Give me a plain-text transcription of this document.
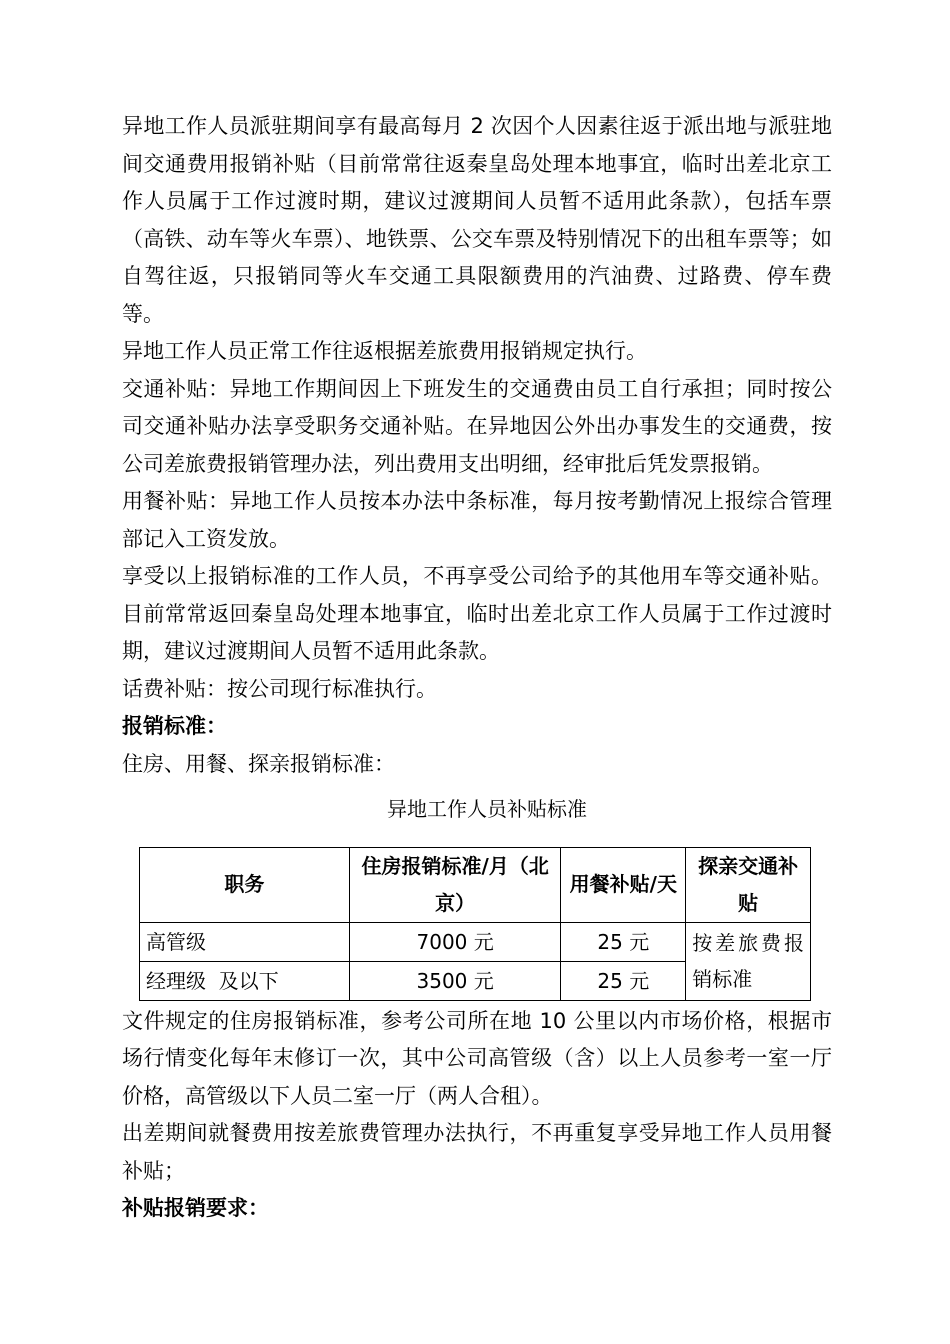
异地工作人员派驻期间享有最高每月 2 次因个人因素往返于派出地与派驻地间交通费用报销补贴（目前常常往返秦皇岛处理本地事宜，临时出差北京工作人员属于工作过渡时期，建议过渡期间人员暂不适用此条款），包括车票（高铁、动车等火车票）、地铁票、公交车票及特别情况下的出租车票等；如自驾往返，只报销同等火车交通工具限额费用的汽油费、过路费、停车费等。

异地工作人员正常工作往返根据差旅费用报销规定执行。

交通补贴：异地工作期间因上下班发生的交通费由员工自行承担；同时按公司交通补贴办法享受职务交通补贴。在异地因公外出办事发生的交通费，按公司差旅费报销管理办法，列出费用支出明细，经审批后凭发票报销。

用餐补贴：异地工作人员按本办法中条标准，每月按考勤情况上报综合管理部记入工资发放。

享受以上报销标准的工作人员，不再享受公司给予的其他用车等交通补贴。目前常常返回秦皇岛处理本地事宜，临时出差北京工作人员属于工作过渡时期，建议过渡期间人员暂不适用此条款。

话费补贴：按公司现行标准执行。

报销标准：

住房、用餐、探亲报销标准：

异地工作人员补贴标准

职务	住房报销标准/月（北京）	用餐补贴/天	探亲交通补贴
高管级	7000 元	25 元	按差旅费报销标准
经理级  及以下	3500 元	25 元	

文件规定的住房报销标准，参考公司所在地 10 公里以内市场价格，根据市场行情变化每年末修订一次，其中公司高管级（含）以上人员参考一室一厅价格，高管级以下人员二室一厅（两人合租）。

出差期间就餐费用按差旅费管理办法执行，不再重复享受异地工作人员用餐补贴；

补贴报销要求：
